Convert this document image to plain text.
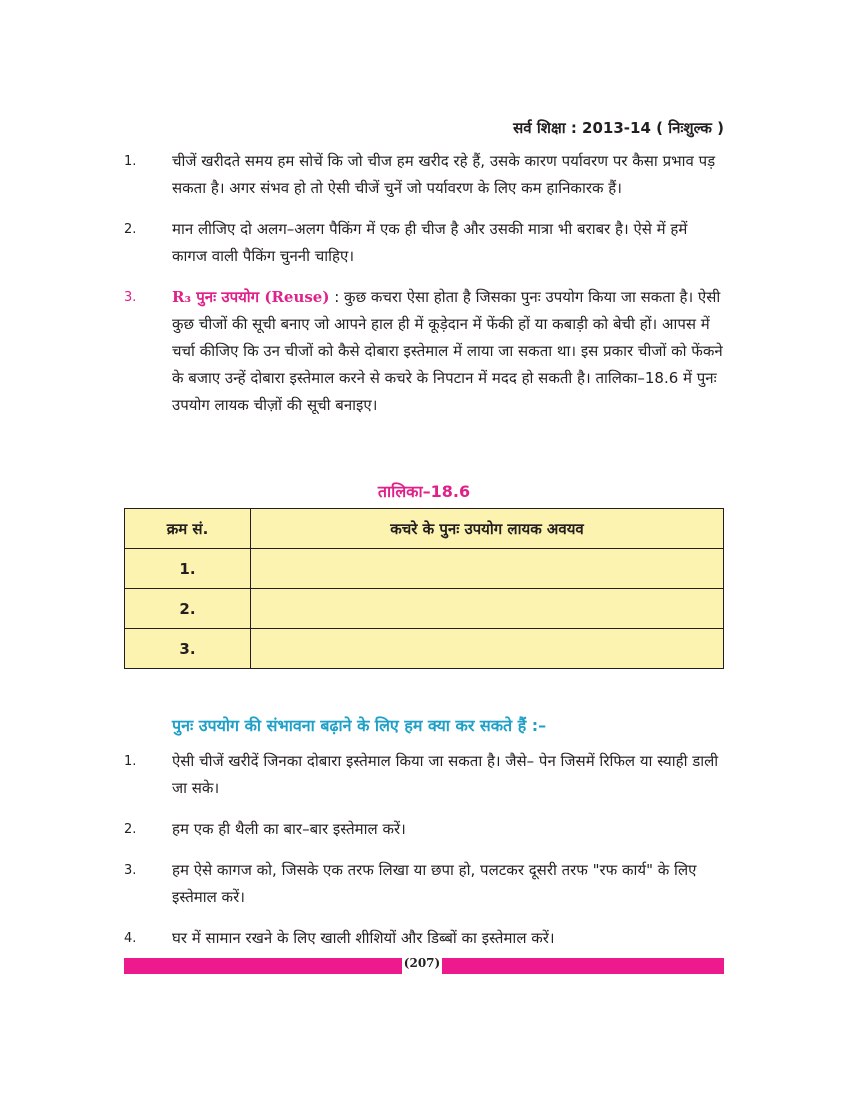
सर्व शिक्षा : 2013-14 ( निःशुल्क )
1. चीजें खरीदते समय हम सोचें कि जो चीज हम खरीद रहे हैं, उसके कारण पर्यावरण पर कैसा प्रभाव पड़ सकता है। अगर संभव हो तो ऐसी चीजें चुनें जो पर्यावरण के लिए कम हानिकारक हैं।
2. मान लीजिए दो अलग–अलग पैकिंग में एक ही चीज है और उसकी मात्रा भी बराबर है। ऐसे में हमें कागज वाली पैकिंग चुननी चाहिए।
3. R₃ पुनः उपयोग (Reuse) : कुछ कचरा ऐसा होता है जिसका पुनः उपयोग किया जा सकता है। ऐसी कुछ चीजों की सूची बनाए जो आपने हाल ही में कूड़ेदान में फेंकी हों या कबाड़ी को बेची हों। आपस में चर्चा कीजिए कि उन चीजों को कैसे दोबारा इस्तेमाल में लाया जा सकता था। इस प्रकार चीजों को फेंकने के बजाए उन्हें दोबारा इस्तेमाल करने से कचरे के निपटान में मदद हो सकती है। तालिका–18.6 में पुनः उपयोग लायक चीज़ों की सूची बनाइए।
तालिका–18.6
क्रम सं.	कचरे के पुनः उपयोग लायक अवयव
1.	
2.	
3.	
पुनः उपयोग की संभावना बढ़ाने के लिए हम क्या कर सकते हैं :–
1. ऐसी चीजें खरीदें जिनका दोबारा इस्तेमाल किया जा सकता है। जैसे– पेन जिसमें रिफिल या स्याही डाली जा सके।
2. हम एक ही थैली का बार–बार इस्तेमाल करें।
3. हम ऐसे कागज को, जिसके एक तरफ लिखा या छपा हो, पलटकर दूसरी तरफ "रफ कार्य" के लिए इस्तेमाल करें।
4. घर में सामान रखने के लिए खाली शीशियों और डिब्बों का इस्तेमाल करें।
(207)
